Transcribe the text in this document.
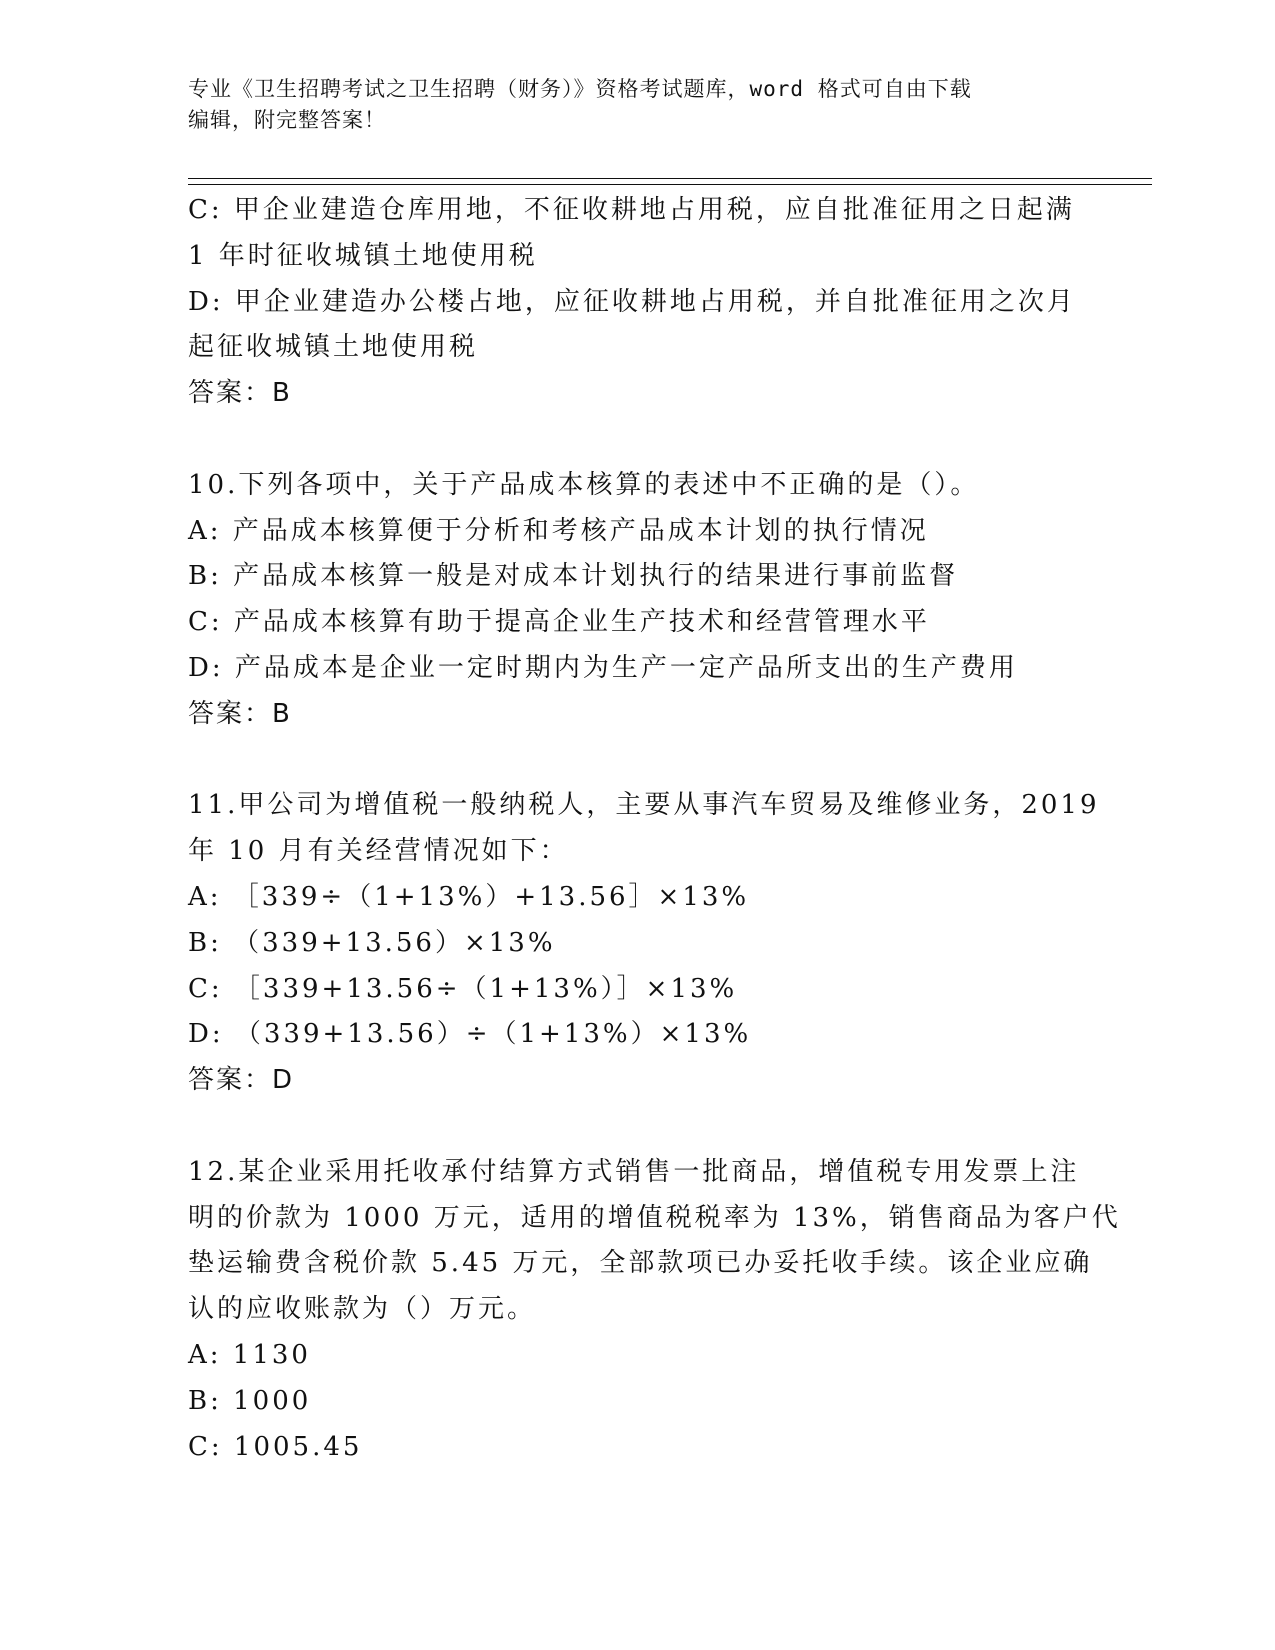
专业《卫生招聘考试之卫生招聘（财务）》资格考试题库，word 格式可自由下载
编辑，附完整答案！
C: 甲企业建造仓库用地，不征收耕地占用税，应自批准征用之日起满
1 年时征收城镇土地使用税
D: 甲企业建造办公楼占地，应征收耕地占用税，并自批准征用之次月
起征收城镇土地使用税
答案：B
10.下列各项中，关于产品成本核算的表述中不正确的是（）。
A: 产品成本核算便于分析和考核产品成本计划的执行情况
B: 产品成本核算一般是对成本计划执行的结果进行事前监督
C: 产品成本核算有助于提高企业生产技术和经营管理水平
D: 产品成本是企业一定时期内为生产一定产品所支出的生产费用
答案：B
11.甲公司为增值税一般纳税人，主要从事汽车贸易及维修业务，2019
年 10 月有关经营情况如下：
A: ［339÷（1+13%）+13.56］×13%
B: （339+13.56）×13%
C: ［339+13.56÷（1+13%）］×13%
D: （339+13.56）÷（1+13%）×13%
答案：D
12.某企业采用托收承付结算方式销售一批商品，增值税专用发票上注
明的价款为 1000 万元，适用的增值税税率为 13%，销售商品为客户代
垫运输费含税价款 5.45 万元，全部款项已办妥托收手续。该企业应确
认的应收账款为（）万元。
A: 1130
B: 1000
C: 1005.45
